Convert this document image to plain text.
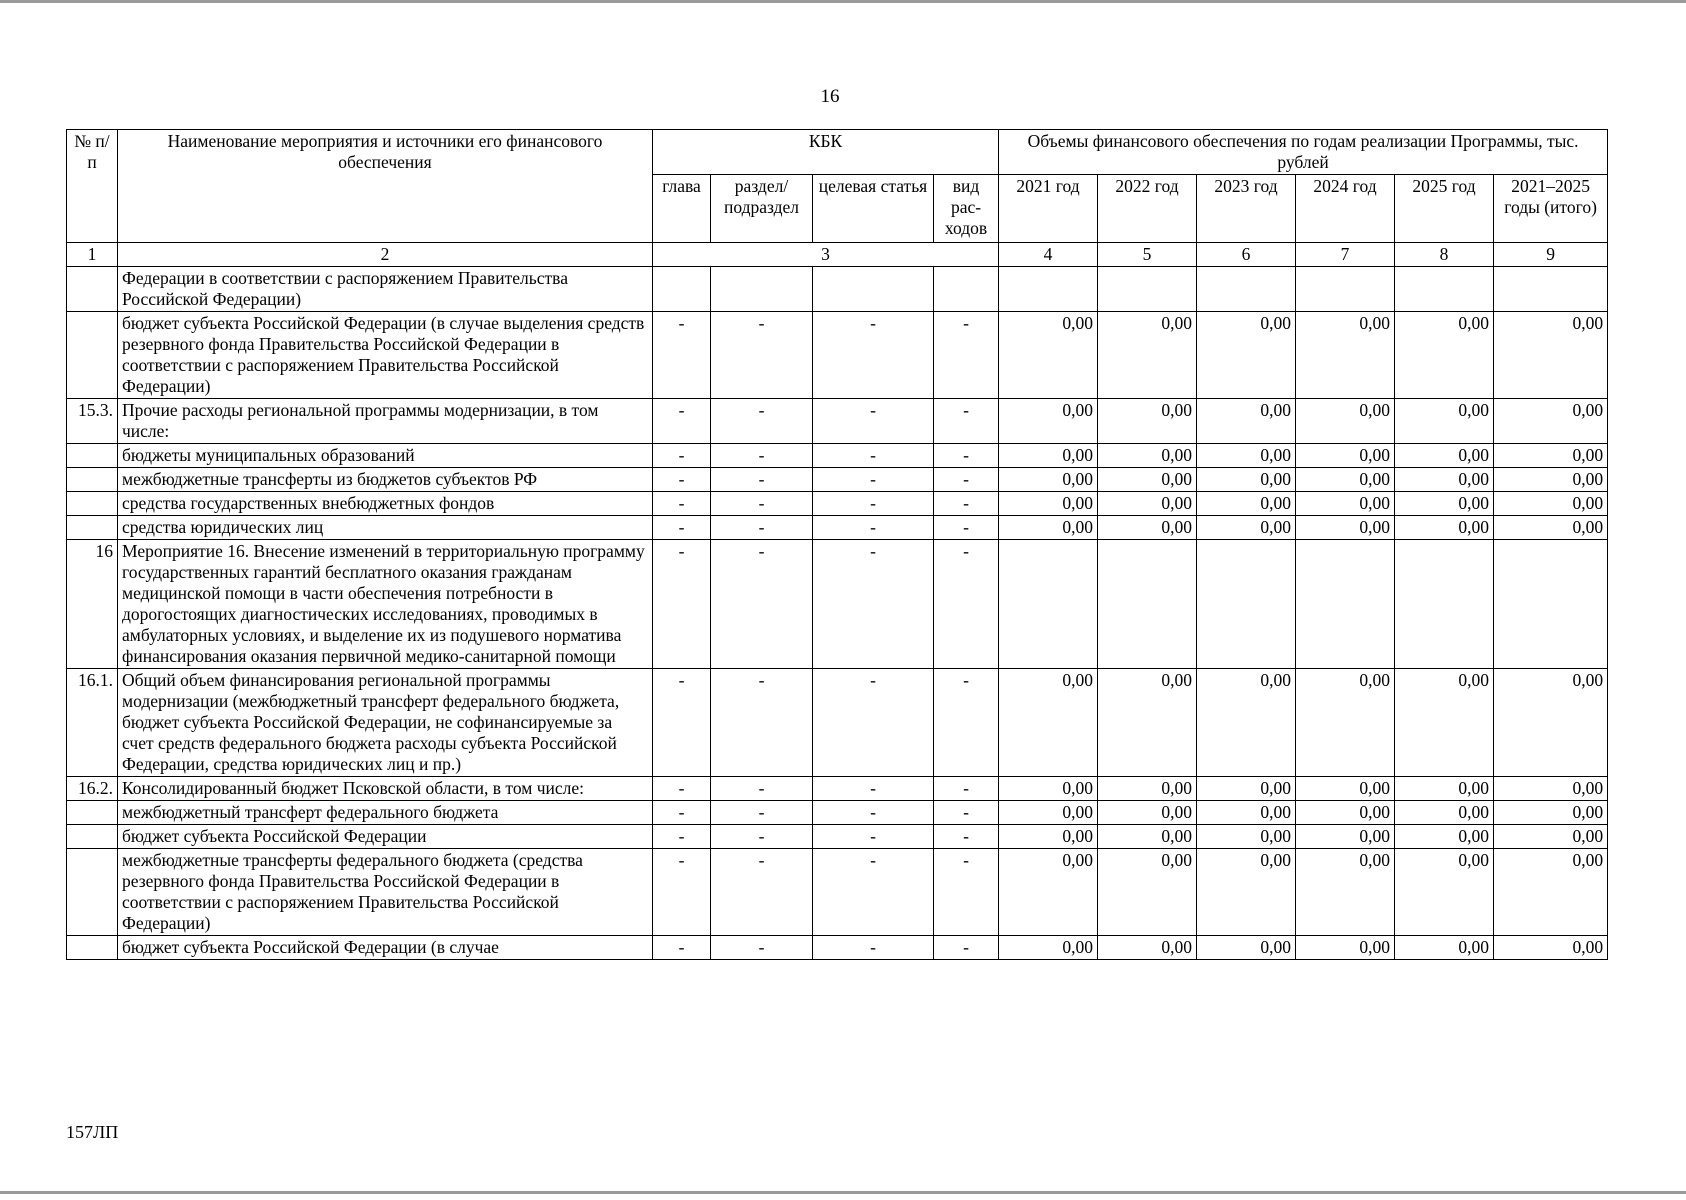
16
№ п/п	Наименование мероприятия и источники его финансового обеспечения	КБК				Объемы финансового обеспечения по годам реализации Программы, тыс. рублей					
		глава	раздел/ подраздел	целевая статья	вид рас-ходов	2021 год	2022 год	2023 год	2024 год	2025 год	2021–2025 годы (итого)
1	2	3				4	5	6	7	8	9
	Федерации в соответствии с распоряжением Правительства Российской Федерации)										
	бюджет субъекта Российской Федерации (в случае выделения средств резервного фонда Правительства Российской Федерации в соответствии с распоряжением Правительства Российской Федерации)	-	-	-	-	0,00	0,00	0,00	0,00	0,00	0,00
15.3.	Прочие расходы региональной программы модернизации, в том числе:	-	-	-	-	0,00	0,00	0,00	0,00	0,00	0,00
	бюджеты муниципальных образований	-	-	-	-	0,00	0,00	0,00	0,00	0,00	0,00
	межбюджетные трансферты из бюджетов субъектов РФ	-	-	-	-	0,00	0,00	0,00	0,00	0,00	0,00
	средства государственных внебюджетных фондов	-	-	-	-	0,00	0,00	0,00	0,00	0,00	0,00
	средства юридических лиц	-	-	-	-	0,00	0,00	0,00	0,00	0,00	0,00
16	Мероприятие 16. Внесение изменений в территориальную программу государственных гарантий бесплатного оказания гражданам медицинской помощи в части обеспечения потребности в дорогостоящих диагностических исследованиях, проводимых в амбулаторных условиях, и выделение их из подушевого норматива финансирования оказания первичной медико-санитарной помощи	-	-	-	-						
16.1.	Общий объем финансирования региональной программы модернизации (межбюджетный трансферт федерального бюджета, бюджет субъекта Российской Федерации, не софинансируемые за счет средств федерального бюджета расходы субъекта Российской Федерации, средства юридических лиц и пр.)	-	-	-	-	0,00	0,00	0,00	0,00	0,00	0,00
16.2.	Консолидированный бюджет Псковской области, в том числе:	-	-	-	-	0,00	0,00	0,00	0,00	0,00	0,00
	межбюджетный трансферт федерального бюджета	-	-	-	-	0,00	0,00	0,00	0,00	0,00	0,00
	бюджет субъекта Российской Федерации	-	-	-	-	0,00	0,00	0,00	0,00	0,00	0,00
	межбюджетные трансферты федерального бюджета (средства резервного фонда Правительства Российской Федерации в соответствии с распоряжением Правительства Российской Федерации)	-	-	-	-	0,00	0,00	0,00	0,00	0,00	0,00
	бюджет субъекта Российской Федерации (в случае	-	-	-	-	0,00	0,00	0,00	0,00	0,00	0,00
157ЛП
